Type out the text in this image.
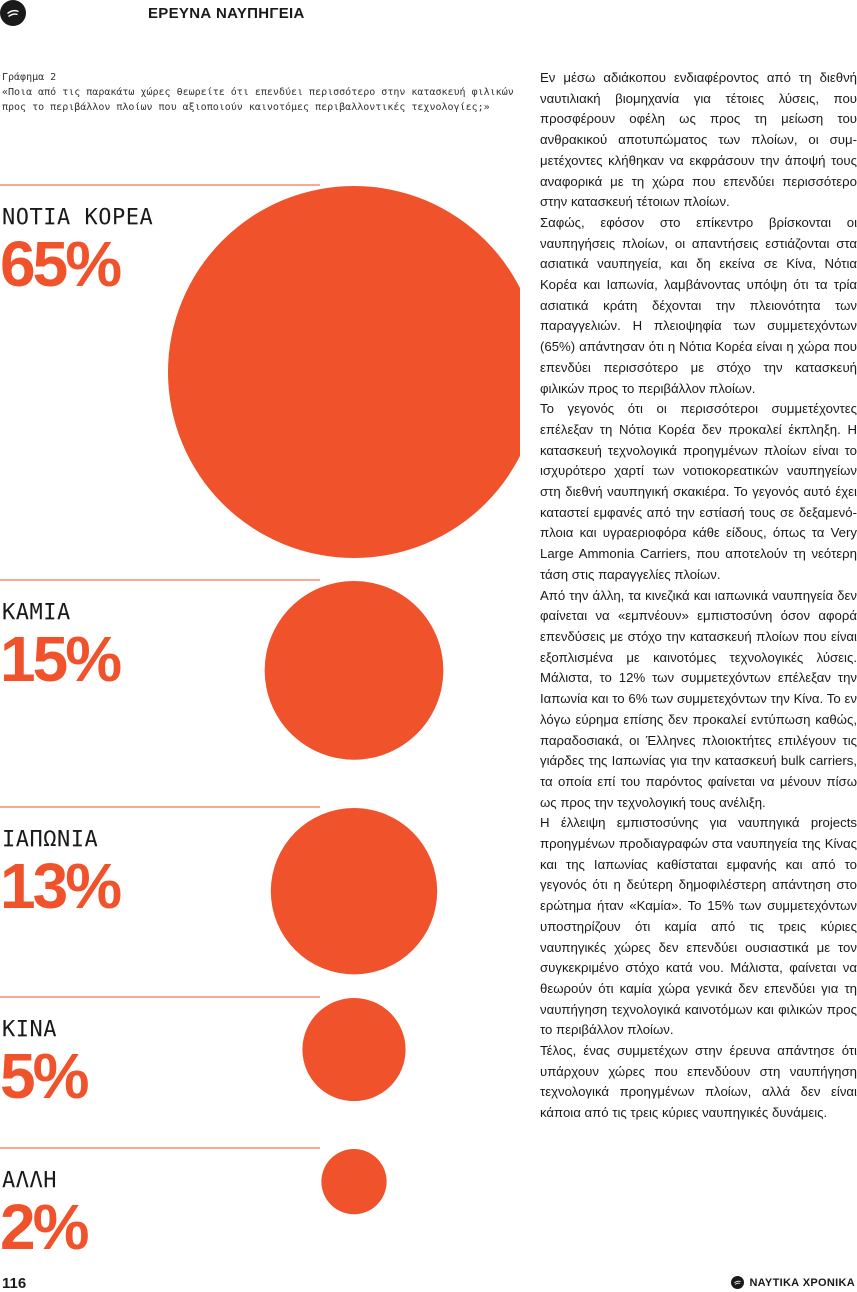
ΕΡΕΥΝΑ ΝΑΥΠΗΓΕΙΑ
Γράφημα 2
«Ποια από τις παρακάτω χώρες θεωρείτε ότι επενδύει περισσότερο στην κατασκευή φιλικών προς το περιβάλλον πλοίων που αξιοποιούν καινοτόμες περιβαλλοντικές τεχνολογίες;»
ΝΟΤΙΑ ΚΟΡΕΑ
65%
ΚΑΜΙΑ
15%
ΙΑΠΩΝΙΑ
13%
ΚΙΝΑ
5%
ΑΛΛΗ
2%

Εν μέσω αδιάκοπου ενδιαφέροντος από τη διεθνή ναυτιλιακή βιομηχανία για τέτοιες λύσεις, που προσφέρουν οφέλη ως προς τη μείωση του ανθρακικού αποτυπώματος των πλοίων, οι συμμετέχοντες κλήθηκαν να εκφράσουν την άποψή τους αναφορικά με τη χώρα που επενδύει περισσότερο στην κατασκευή τέτοιων πλοίων.

Σαφώς, εφόσον στο επίκεντρο βρίσκονται οι ναυπηγήσεις πλοίων, οι απαντήσεις εστιάζονται στα ασιατικά ναυπηγεία, και δη εκείνα σε Κίνα, Νότια Κορέα και Ιαπωνία, λαμβάνοντας υπόψη ότι τα τρία ασιατικά κράτη δέχονται την πλειονότητα των παραγγελιών. Η πλειοψηφία των συμμετεχόντων (65%) απάντησαν ότι η Νότια Κορέα είναι η χώρα που επενδύει περισσότερο με στόχο την κατασκευή φιλικών προς το περιβάλλον πλοίων.

Το γεγονός ότι οι περισσότεροι συμμετέχοντες επέλεξαν τη Νότια Κορέα δεν προκαλεί έκπληξη. Η κατασκευή τεχνολογικά προηγμένων πλοίων είναι το ισχυρότερο χαρτί των νοτιοκορεατικών ναυπηγείων στη διεθνή ναυπηγική σκακιέρα. Το γεγονός αυτό έχει καταστεί εμφανές από την εστίασή τους σε δεξαμενόπλοια και υγραεριοφόρα κάθε είδους, όπως τα Very Large Ammonia Carriers, που αποτελούν τη νεότερη τάση στις παραγγελίες πλοίων.

Από την άλλη, τα κινεζικά και ιαπωνικά ναυπηγεία δεν φαίνεται να «εμπνέουν» εμπιστοσύνη όσον αφορά επενδύσεις με στόχο την κατασκευή πλοίων που είναι εξοπλισμένα με καινοτόμες τεχνολογικές λύσεις. Μάλιστα, το 12% των συμμετεχόντων επέλεξαν την Ιαπωνία και το 6% των συμμετεχόντων την Κίνα. Το εν λόγω εύρημα επίσης δεν προκαλεί εντύπωση καθώς, παραδοσιακά, οι Έλληνες πλοιοκτήτες επιλέγουν τις γιάρδες της Ιαπωνίας για την κατασκευή bulk carriers, τα οποία επί του παρόντος φαίνεται να μένουν πίσω ως προς την τεχνολογική τους ανέλιξη.

Η έλλειψη εμπιστοσύνης για ναυπηγικά projects προηγμένων προδιαγραφών στα ναυπηγεία της Κίνας και της Ιαπωνίας καθίσταται εμφανής και από το γεγονός ότι η δεύτερη δημοφιλέστερη απάντηση στο ερώτημα ήταν «Καμία». Το 15% των συμμετεχόντων υποστηρίζουν ότι καμία από τις τρεις κύριες ναυπηγικές χώρες δεν επενδύει ουσιαστικά με τον συγκεκριμένο στόχο κατά νου. Μάλιστα, φαίνεται να θεωρούν ότι καμία χώρα γενικά δεν επενδύει για τη ναυπήγηση τεχνολογικά καινοτόμων και φιλικών προς το περιβάλλον πλοίων.

Τέλος, ένας συμμετέχων στην έρευνα απάντησε ότι υπάρχουν χώρες που επενδύουν στη ναυπήγηση τεχνολογικά προηγμένων πλοίων, αλλά δεν είναι κάποια από τις τρεις κύριες ναυπηγικές δυνάμεις.

116	ΝΑΥΤΙΚΑ ΧΡΟΝΙΚΑ
